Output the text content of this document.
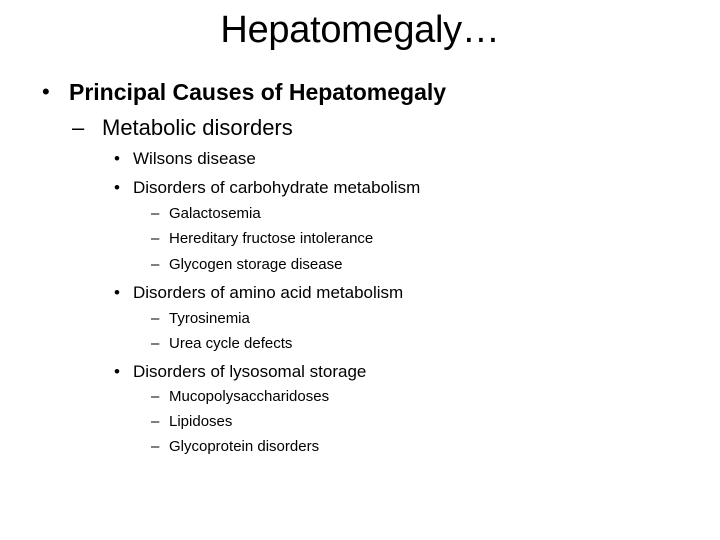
Hepatomegaly…
• Principal Causes of Hepatomegaly
– Metabolic disorders
• Wilsons disease
• Disorders of carbohydrate metabolism
– Galactosemia
– Hereditary fructose intolerance
– Glycogen storage disease
• Disorders of amino acid metabolism
– Tyrosinemia
– Urea cycle defects
• Disorders of lysosomal storage
– Mucopolysaccharidoses
– Lipidoses
– Glycoprotein disorders
